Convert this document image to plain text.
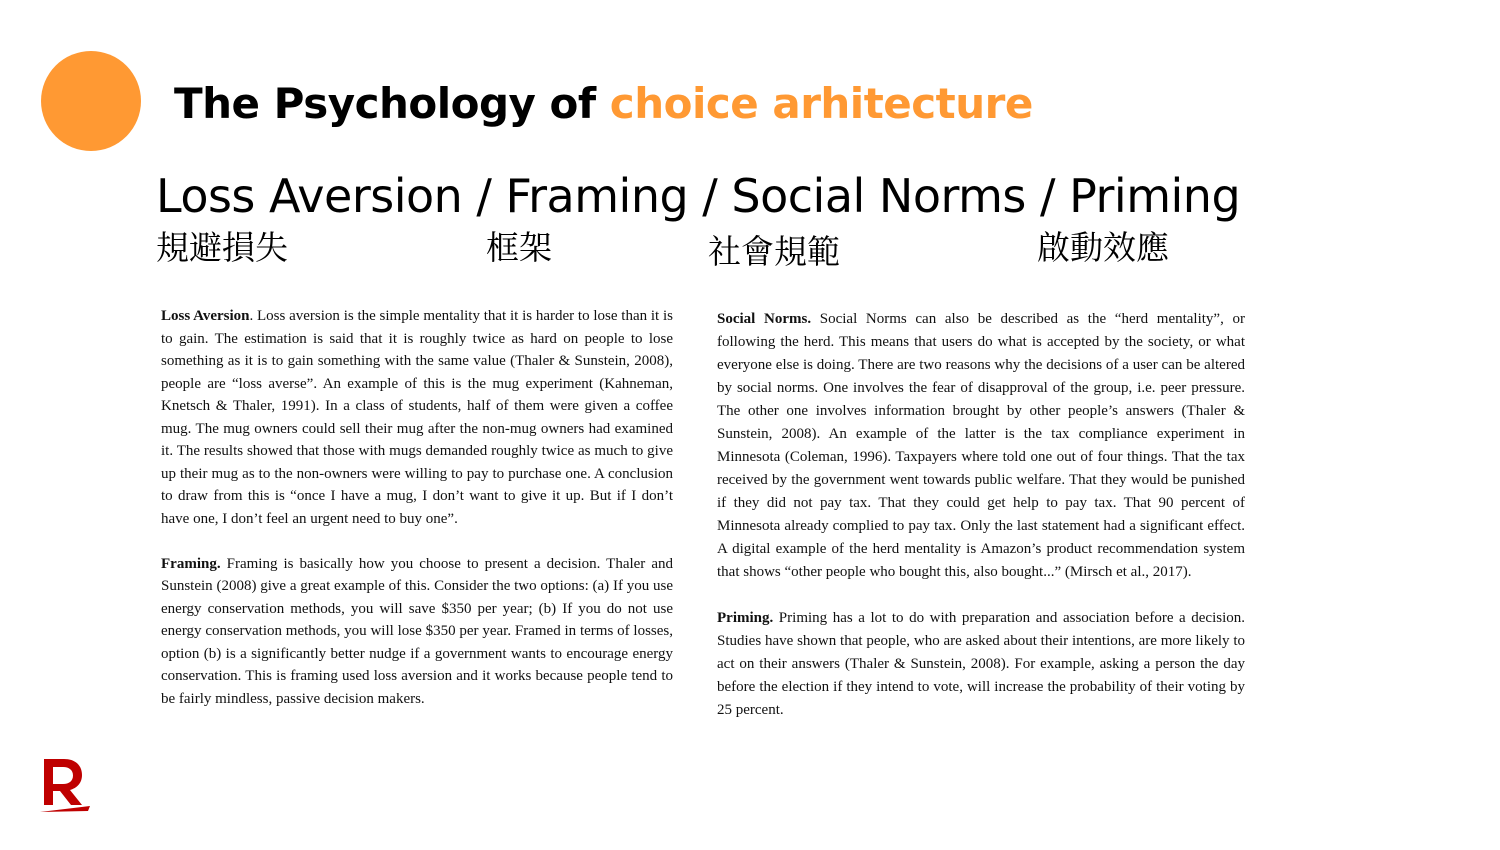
The Psychology of choice arhitecture
Loss Aversion / Framing / Social Norms / Priming
規避損失	框架	社會規範	啟動效應

Loss Aversion. Loss aversion is the simple mentality that it is harder to lose than it is to gain. The estimation is said that it is roughly twice as hard on people to lose something as it is to gain something with the same value (Thaler & Sunstein, 2008), people are “loss averse”. An example of this is the mug experiment (Kahneman, Knetsch & Thaler, 1991). In a class of students, half of them were given a coffee mug. The mug owners could sell their mug after the non-mug owners had examined it. The results showed that those with mugs demanded roughly twice as much to give up their mug as to the non-owners were willing to pay to purchase one. A conclusion to draw from this is “once I have a mug, I don’t want to give it up. But if I don’t have one, I don’t feel an urgent need to buy one”.

Framing. Framing is basically how you choose to present a decision. Thaler and Sunstein (2008) give a great example of this. Consider the two options: (a) If you use energy conservation methods, you will save $350 per year; (b) If you do not use energy conservation methods, you will lose $350 per year. Framed in terms of losses, option (b) is a significantly better nudge if a government wants to encourage energy conservation. This is framing used loss aversion and it works because people tend to be fairly mindless, passive decision makers.

Social Norms. Social Norms can also be described as the “herd mentality”, or following the herd. This means that users do what is accepted by the society, or what everyone else is doing. There are two reasons why the decisions of a user can be altered by social norms. One involves the fear of disapproval of the group, i.e. peer pressure. The other one involves information brought by other people’s answers (Thaler & Sunstein, 2008). An example of the latter is the tax compliance experiment in Minnesota (Coleman, 1996). Taxpayers where told one out of four things. That the tax received by the government went towards public welfare. That they would be punished if they did not pay tax. That they could get help to pay tax. That 90 percent of Minnesota already complied to pay tax. Only the last statement had a significant effect. A digital example of the herd mentality is Amazon’s product recommendation system that shows “other people who bought this, also bought...” (Mirsch et al., 2017).

Priming. Priming has a lot to do with preparation and association before a decision. Studies have shown that people, who are asked about their intentions, are more likely to act on their answers (Thaler & Sunstein, 2008). For example, asking a person the day before the election if they intend to vote, will increase the probability of their voting by 25 percent.
